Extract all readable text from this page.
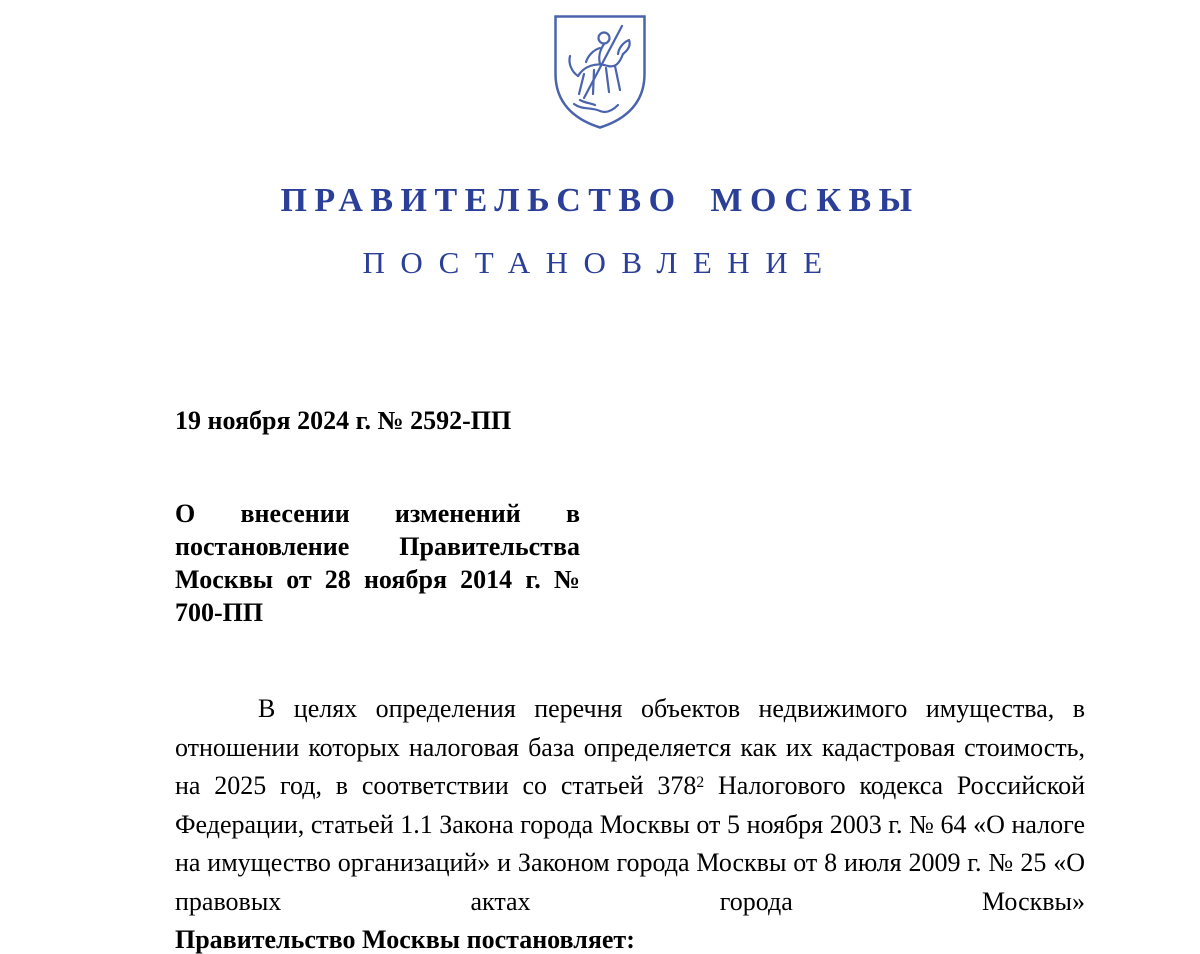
ПРАВИТЕЛЬСТВО МОСКВЫ
ПОСТАНОВЛЕНИЕ
19 ноября 2024 г. № 2592-ПП
О внесении изменений в постановление Правительства Москвы от 28 ноября 2014 г. № 700-ПП

В целях определения перечня объектов недвижимого имущества, в отношении которых налоговая база определяется как их кадастровая стоимость, на 2025 год, в соответствии со статьей $378^2$ Налогового кодекса Российской Федерации, статьей 1.1 Закона города Москвы от 5 ноября 2003 г. № 64 «О налоге на имущество организаций» и Законом города Москвы от 8 июля 2009 г. № 25 «О правовых актах города Москвы»

Правительство Москвы постановляет:
